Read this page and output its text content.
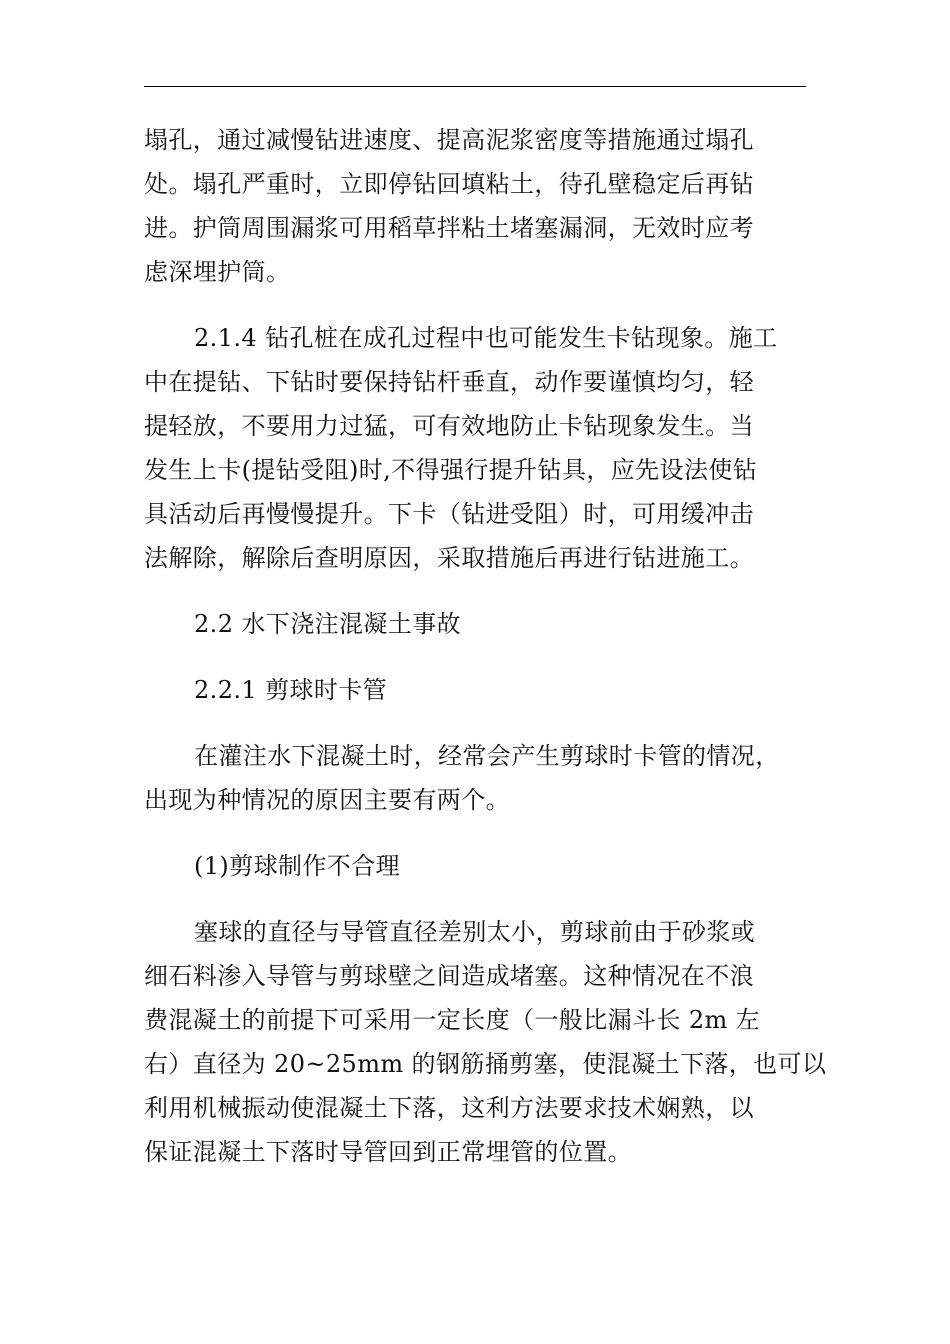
塌孔，通过减慢钻进速度、提高泥浆密度等措施通过塌孔
处。塌孔严重时，立即停钻回填粘土，待孔壁稳定后再钻
进。护筒周围漏浆可用稻草拌粘土堵塞漏洞，无效时应考
虑深埋护筒。

2.1.4 钻孔桩在成孔过程中也可能发生卡钻现象。施工
中在提钻、下钻时要保持钻杆垂直，动作要谨慎均匀，轻
提轻放，不要用力过猛，可有效地防止卡钻现象发生。当
发生上卡(提钻受阻)时,不得强行提升钻具，应先设法使钻
具活动后再慢慢提升。下卡（钻进受阻）时，可用缓冲击
法解除，解除后查明原因，采取措施后再进行钻进施工。

2.2 水下浇注混凝土事故

2.2.1 剪球时卡管

在灌注水下混凝土时，经常会产生剪球时卡管的情况，
出现为种情况的原因主要有两个。

(1)剪球制作不合理

塞球的直径与导管直径差别太小，剪球前由于砂浆或
细石料渗入导管与剪球壁之间造成堵塞。这种情况在不浪
费混凝土的前提下可采用一定长度（一般比漏斗长 2m 左
右）直径为 20~25mm 的钢筋捅剪塞，使混凝土下落，也可以
利用机械振动使混凝土下落，这利方法要求技术娴熟，以
保证混凝土下落时导管回到正常埋管的位置。
